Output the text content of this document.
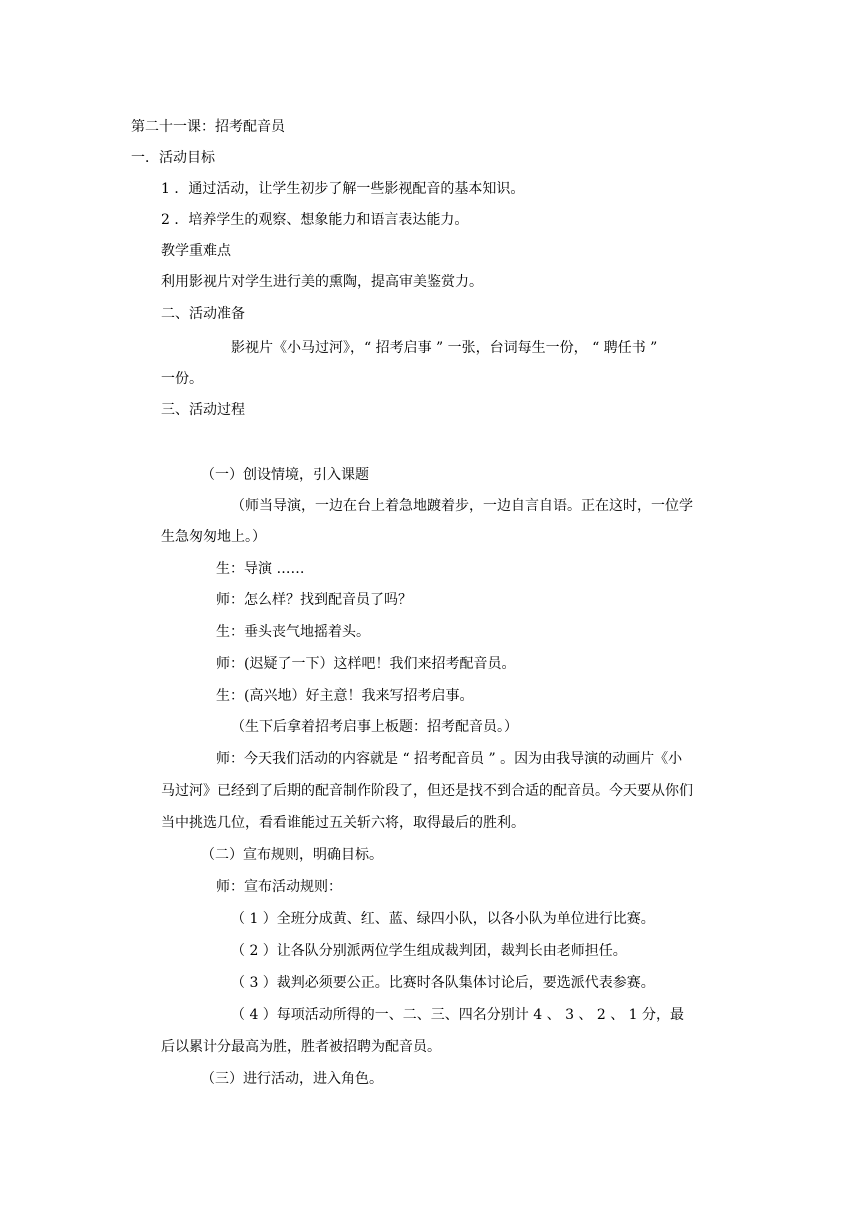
第二十一课：招考配音员
一．活动目标
1 ．通过活动，让学生初步了解一些影视配音的基本知识。
2 ．培养学生的观察、想象能力和语言表达能力。
教学重难点
利用影视片对学生进行美的熏陶，提高审美鉴赏力。
二、活动准备
影视片《小马过河》，“ 招考启事 ” 一张，台词每生一份， “ 聘任书 ”
一份。
三、活动过程
（一）创设情境，引入课题
（师当导演，一边在台上着急地踱着步，一边自言自语。正在这时，一位学
生急匆匆地上。）
生：导演 ……
师：怎么样？找到配音员了吗？
生：垂头丧气地摇着头。
师：(迟疑了一下）这样吧！我们来招考配音员。
生：(高兴地）好主意！我来写招考启事。
（生下后拿着招考启事上板题：招考配音员。）
师：今天我们活动的内容就是 “ 招考配音员 ” 。因为由我导演的动画片《小
马过河》已经到了后期的配音制作阶段了，但还是找不到合适的配音员。今天要从你们
当中挑选几位，看看谁能过五关斩六将，取得最后的胜利。
（二）宣布规则，明确目标。
师：宣布活动规则：
（ 1 ）全班分成黄、红、蓝、绿四小队，以各小队为单位进行比赛。
（ 2 ）让各队分别派两位学生组成裁判团，裁判长由老师担任。
（ 3 ）裁判必须要公正。比赛时各队集体讨论后，要选派代表参赛。
（ 4 ）每项活动所得的一、二、三、四名分别计 4 、 3 、 2 、 1 分，最
后以累计分最高为胜，胜者被招聘为配音员。
（三）进行活动，进入角色。
